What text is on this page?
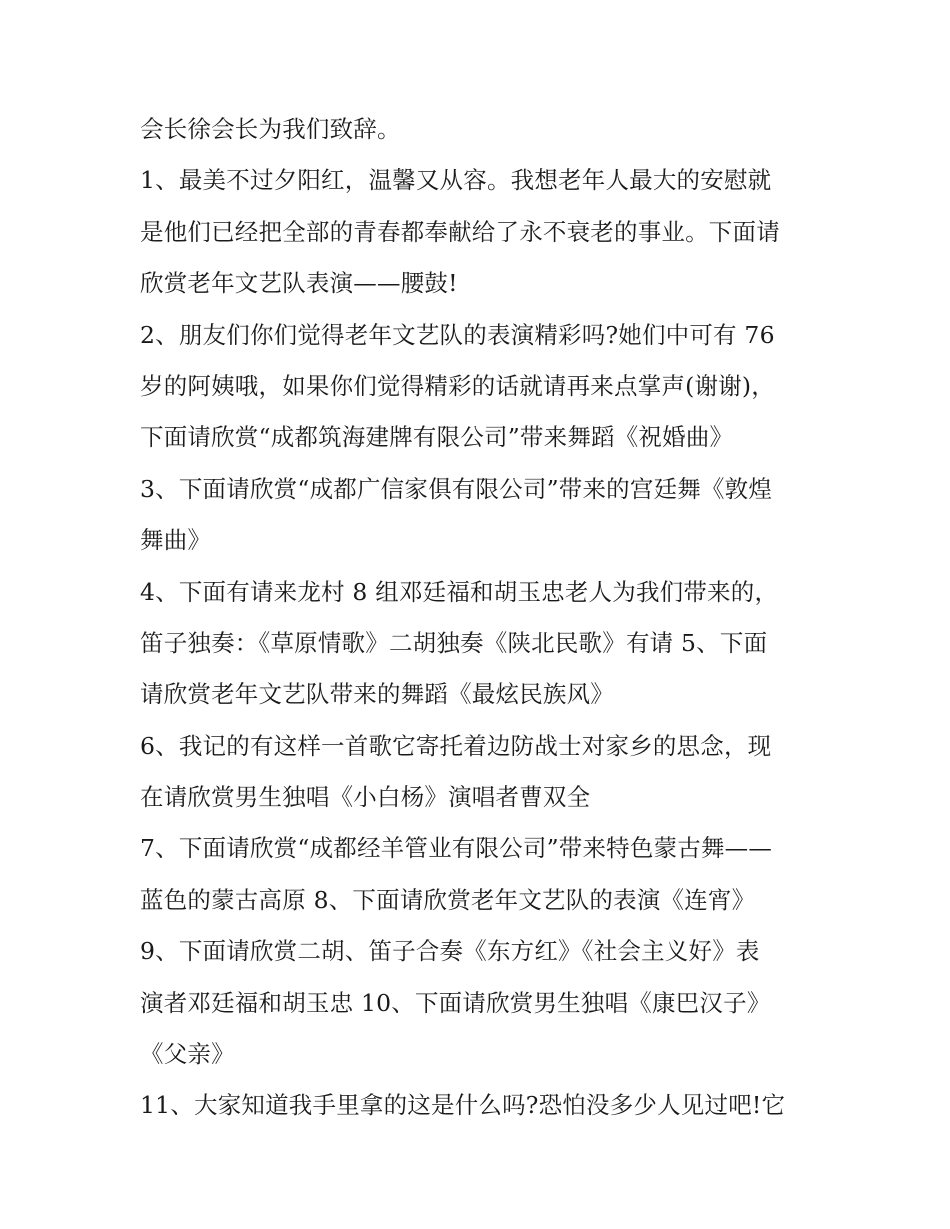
会长徐会长为我们致辞。
1、最美不过夕阳红，温馨又从容。我想老年人最大的安慰就
是他们已经把全部的青春都奉献给了永不衰老的事业。下面请
欣赏老年文艺队表演——腰鼓!
2、朋友们你们觉得老年文艺队的表演精彩吗?她们中可有 76
岁的阿姨哦，如果你们觉得精彩的话就请再来点掌声(谢谢)，
下面请欣赏“成都筑海建牌有限公司”带来舞蹈《祝婚曲》
3、下面请欣赏“成都广信家俱有限公司”带来的宫廷舞《敦煌
舞曲》
4、下面有请来龙村 8 组邓廷福和胡玉忠老人为我们带来的，
笛子独奏：《草原情歌》二胡独奏《陕北民歌》有请 5、下面
请欣赏老年文艺队带来的舞蹈《最炫民族风》
6、我记的有这样一首歌它寄托着边防战士对家乡的思念，现
在请欣赏男生独唱《小白杨》演唱者曹双全
7、下面请欣赏“成都经羊管业有限公司”带来特色蒙古舞——
蓝色的蒙古高原 8、下面请欣赏老年文艺队的表演《连宵》
9、下面请欣赏二胡、笛子合奏《东方红》《社会主义好》表
演者邓廷福和胡玉忠 10、下面请欣赏男生独唱《康巴汉子》
《父亲》
11、大家知道我手里拿的这是什么吗?恐怕没多少人见过吧!它
